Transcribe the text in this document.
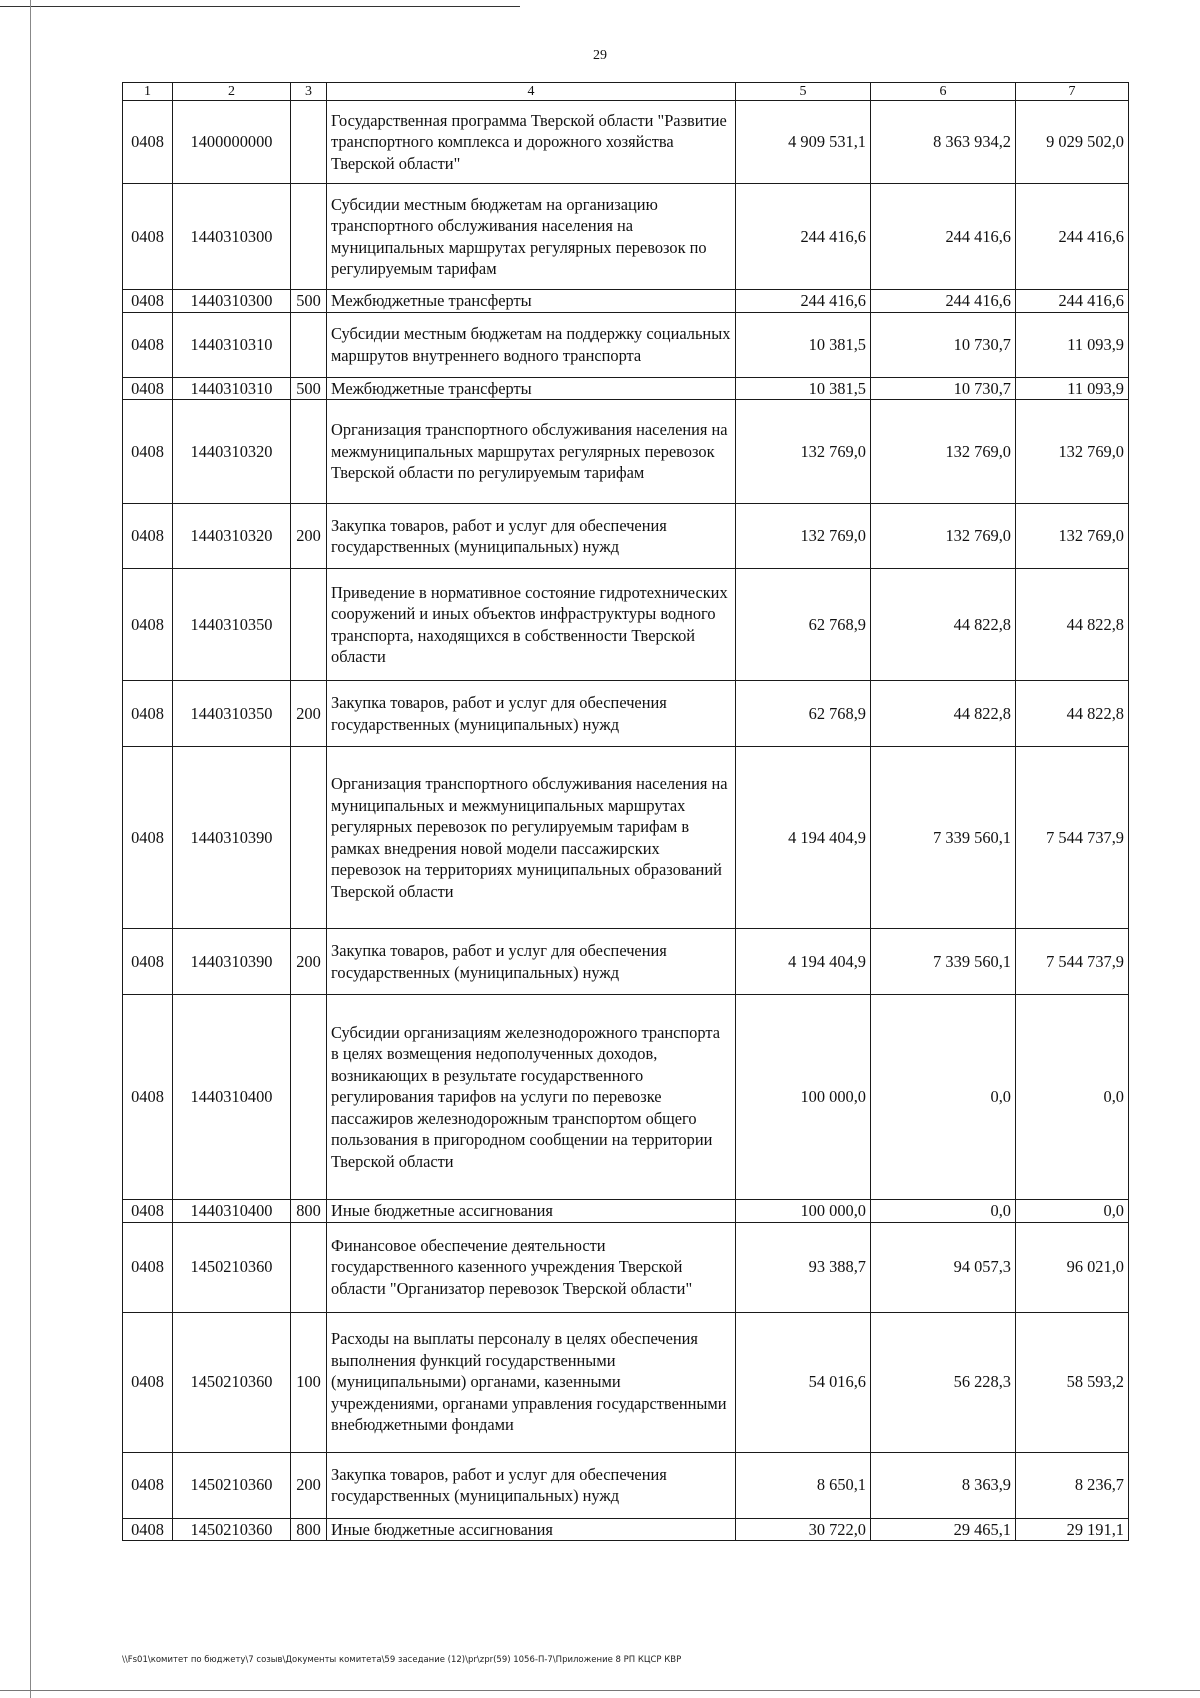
29
1	2	3	4	5	6	7
0408	1400000000		Государственная программа Тверской области "Развитие транспортного комплекса и дорожного хозяйства Тверской области"	4 909 531,1	8 363 934,2	9 029 502,0
0408	1440310300		Субсидии местным бюджетам на организацию транспортного обслуживания населения на муниципальных маршрутах регулярных перевозок по регулируемым тарифам	244 416,6	244 416,6	244 416,6
0408	1440310300	500	Межбюджетные трансферты	244 416,6	244 416,6	244 416,6
0408	1440310310		Субсидии местным бюджетам на поддержку социальных маршрутов внутреннего водного транспорта	10 381,5	10 730,7	11 093,9
0408	1440310310	500	Межбюджетные трансферты	10 381,5	10 730,7	11 093,9
0408	1440310320		Организация транспортного обслуживания населения на межмуниципальных маршрутах регулярных перевозок Тверской области по регулируемым тарифам	132 769,0	132 769,0	132 769,0
0408	1440310320	200	Закупка товаров, работ и услуг для обеспечения государственных (муниципальных) нужд	132 769,0	132 769,0	132 769,0
0408	1440310350		Приведение в нормативное состояние гидротехнических сооружений и иных объектов инфраструктуры водного транспорта, находящихся в собственности Тверской области	62 768,9	44 822,8	44 822,8
0408	1440310350	200	Закупка товаров, работ и услуг для обеспечения государственных (муниципальных) нужд	62 768,9	44 822,8	44 822,8
0408	1440310390		Организация транспортного обслуживания населения на муниципальных и межмуниципальных маршрутах регулярных перевозок по регулируемым тарифам в рамках внедрения новой модели пассажирских перевозок на территориях муниципальных образований Тверской области	4 194 404,9	7 339 560,1	7 544 737,9
0408	1440310390	200	Закупка товаров, работ и услуг для обеспечения государственных (муниципальных) нужд	4 194 404,9	7 339 560,1	7 544 737,9
0408	1440310400		Субсидии организациям железнодорожного транспорта в целях возмещения недополученных доходов, возникающих в результате государственного регулирования тарифов на услуги по перевозке пассажиров железнодорожным транспортом общего пользования в пригородном сообщении на территории Тверской области	100 000,0	0,0	0,0
0408	1440310400	800	Иные бюджетные ассигнования	100 000,0	0,0	0,0
0408	1450210360		Финансовое обеспечение деятельности государственного казенного учреждения Тверской области "Организатор перевозок Тверской области"	93 388,7	94 057,3	96 021,0
0408	1450210360	100	Расходы на выплаты персоналу в целях обеспечения выполнения функций государственными (муниципальными) органами, казенными учреждениями, органами управления государственными внебюджетными фондами	54 016,6	56 228,3	58 593,2
0408	1450210360	200	Закупка товаров, работ и услуг для обеспечения государственных (муниципальных) нужд	8 650,1	8 363,9	8 236,7
0408	1450210360	800	Иные бюджетные ассигнования	30 722,0	29 465,1	29 191,1
\\Fs01\комитет по бюджету\7 созыв\Документы комитета\59 заседание (12)\pr\zpr(59) 1056-П-7\Приложение 8 РП КЦСР КВР
